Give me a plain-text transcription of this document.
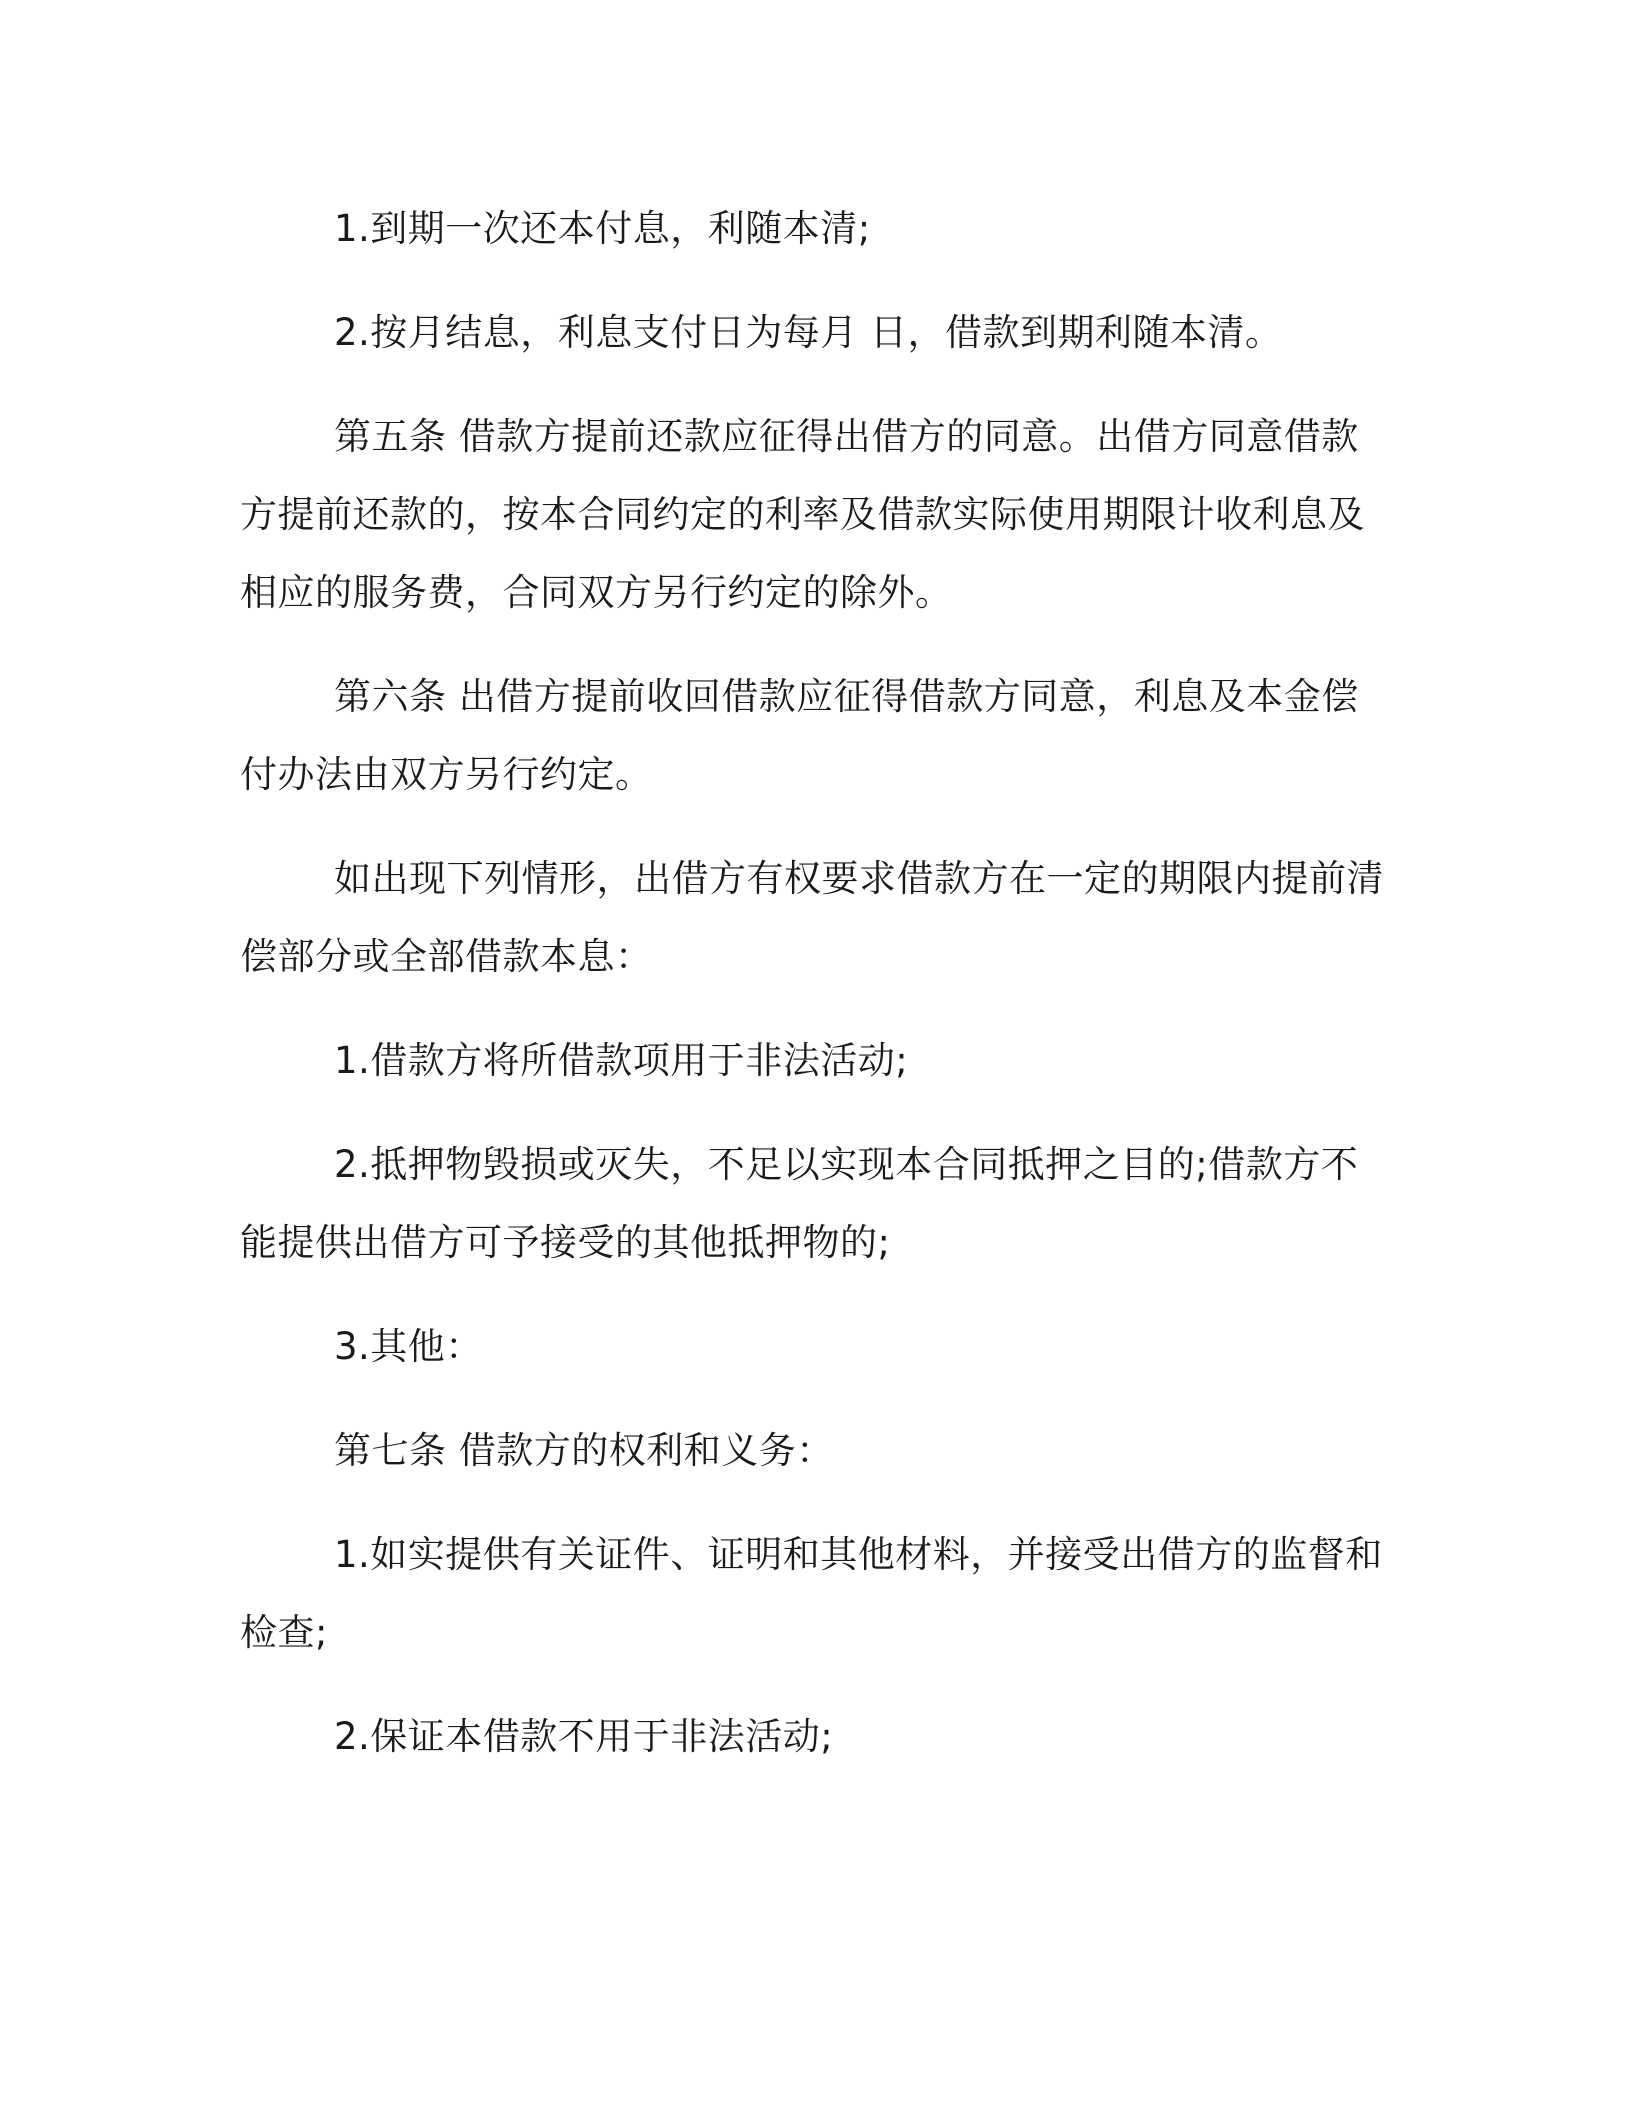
1.到期一次还本付息，利随本清;

2.按月结息，利息支付日为每月 日，借款到期利随本清。

第五条 借款方提前还款应征得出借方的同意。出借方同意借款方提前还款的，按本合同约定的利率及借款实际使用期限计收利息及相应的服务费，合同双方另行约定的除外。

第六条 出借方提前收回借款应征得借款方同意，利息及本金偿付办法由双方另行约定。

如出现下列情形，出借方有权要求借款方在一定的期限内提前清偿部分或全部借款本息：

1.借款方将所借款项用于非法活动;

2.抵押物毁损或灭失，不足以实现本合同抵押之目的;借款方不能提供出借方可予接受的其他抵押物的;

3.其他：

第七条 借款方的权利和义务：

1.如实提供有关证件、证明和其他材料，并接受出借方的监督和检查;

2.保证本借款不用于非法活动;
